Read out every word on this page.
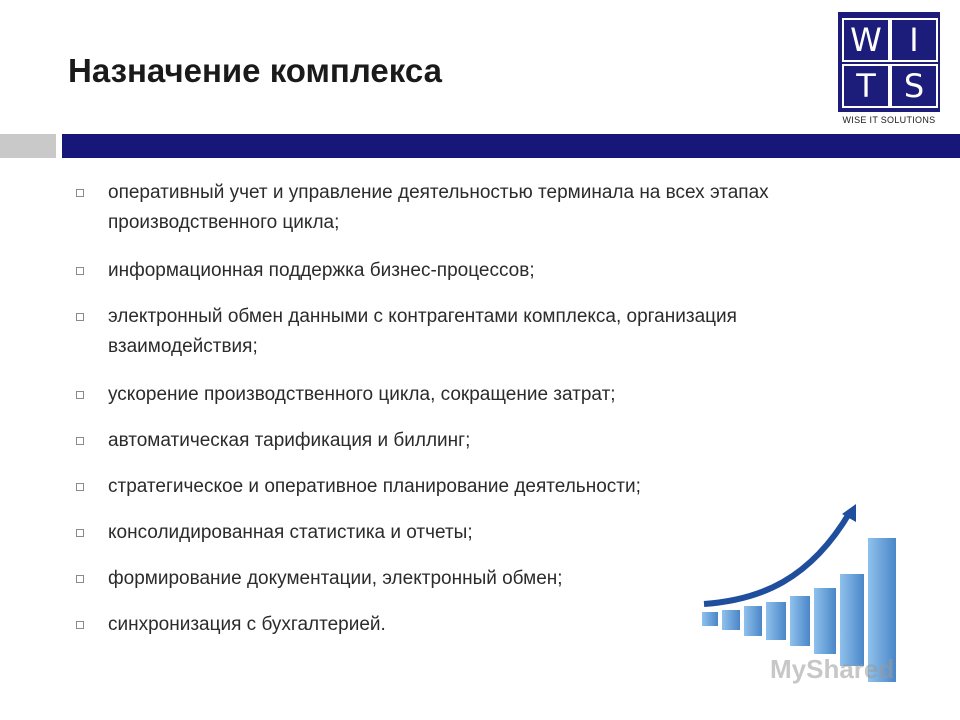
Назначение комплекса
W I
T S
WISE IT SOLUTIONS
оперативный учет и управление деятельностью терминала на всех этапах производственного цикла;
информационная поддержка бизнес-процессов;
электронный обмен данными с контрагентами комплекса, организация взаимодействия;
ускорение производственного цикла, сокращение затрат;
автоматическая тарификация и биллинг;
стратегическое и оперативное планирование деятельности;
консолидированная статистика и отчеты;
формирование документации, электронный обмен;
синхронизация с бухгалтерией.
MyShared
